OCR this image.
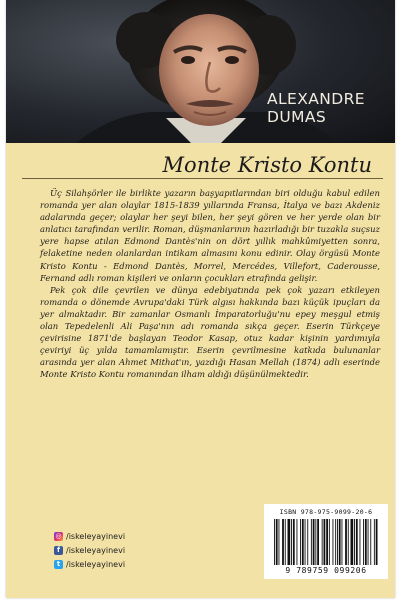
ALEXANDRE
DUMAS
Monte Kristo Kontu

Üç Silahşörler ile birlikte yazarın başyapıtlarından biri olduğu kabul edilen romanda yer alan olaylar 1815-1839 yıllarında Fransa, İtalya ve bazı Akdeniz adalarında geçer; olaylar her şeyi bilen, her şeyi gören ve her yerde olan bir anlatıcı tarafından verilir. Roman, düşmanlarının hazırladığı bir tuzakla suçsuz yere hapse atılan Edmond Dantès'nin on dört yıllık mahkûmiyetten sonra, felaketine neden olanlardan intikam almasını konu edinir. Olay örgüsü Monte Kristo Kontu - Edmond Dantès, Morrel, Mercédes, Villefort, Caderousse, Fernand adlı roman kişileri ve onların çocukları etrafında gelişir.

Pek çok dile çevrilen ve dünya edebiyatında pek çok yazarı etkileyen romanda o dönemde Avrupa'daki Türk algısı hakkında bazı küçük ipuçları da yer almaktadır. Bir zamanlar Osmanlı İmparatorluğu'nu epey meşgul etmiş olan Tepedelenli Ali Paşa'nın adı romanda sıkça geçer. Eserin Türkçeye çevirisine 1871'de başlayan Teodor Kasap, otuz kadar kişinin yardımıyla çeviriyi üç yılda tamamlamıştır. Eserin çevrilmesine katkıda bulunanlar arasında yer alan Ahmet Mithat'ın, yazdığı Hasan Mellah (1874) adlı eserinde Monte Kristo Kontu romanından ilham aldığı düşünülmektedir.

◎ /iskeleyayinevi
f /iskeleyayinevi
t /iskeleyayinevi
ISBN 978-975-9099-20-6
9 789759 099206
